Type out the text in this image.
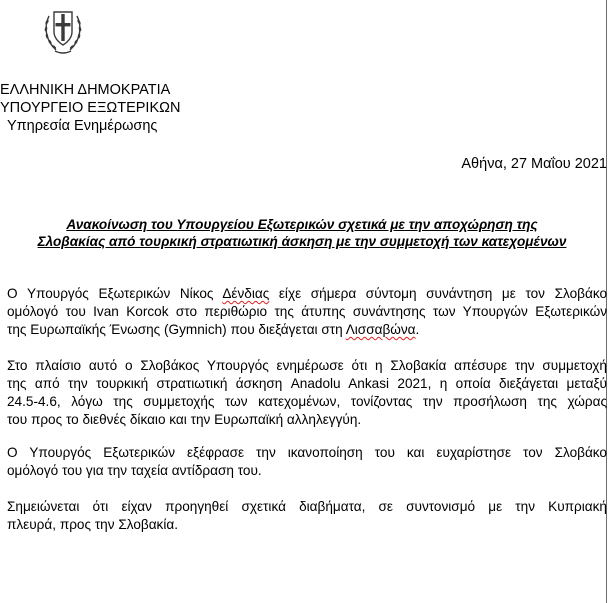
ΕΛΛΗΝΙΚΗ ΔΗΜΟΚΡΑΤΙΑ
ΥΠΟΥΡΓΕΙΟ ΕΞΩΤΕΡΙΚΩΝ
Υπηρεσία Ενημέρωσης
Αθήνα, 27 Μαΐου 2021
Ανακοίνωση του Υπουργείου Εξωτερικών σχετικά με την αποχώρηση της
Σλοβακίας από τουρκική στρατιωτική άσκηση με την συμμετοχή των κατεχομένων

Ο Υπουργός Εξωτερικών Νίκος Δένδιας είχε σήμερα σύντομη συνάντηση με τον Σλοβάκο
ομόλογό του Ivan Korcok στο περιθώριο της άτυπης συνάντησης των Υπουργών Εξωτερικών
της Ευρωπαϊκής Ένωσης (Gymnich) που διεξάγεται στη Λισσαβώνα.

Στο πλαίσιο αυτό ο Σλοβάκος Υπουργός ενημέρωσε ότι η Σλοβακία απέσυρε την συμμετοχή
της από την τουρκική στρατιωτική άσκηση Anadolu Ankasi 2021, η οποία διεξάγεται μεταξύ
24.5-4.6, λόγω της συμμετοχής των κατεχομένων, τονίζοντας την προσήλωση της χώρας
του προς το διεθνές δίκαιο και την Ευρωπαϊκή αλληλεγγύη.

Ο Υπουργός Εξωτερικών εξέφρασε την ικανοποίηση του και ευχαρίστησε τον Σλοβάκο
ομόλογό του για την ταχεία αντίδραση του.

Σημειώνεται ότι είχαν προηγηθεί σχετικά διαβήματα, σε συντονισμό με την Κυπριακή
πλευρά, προς την Σλοβακία.
